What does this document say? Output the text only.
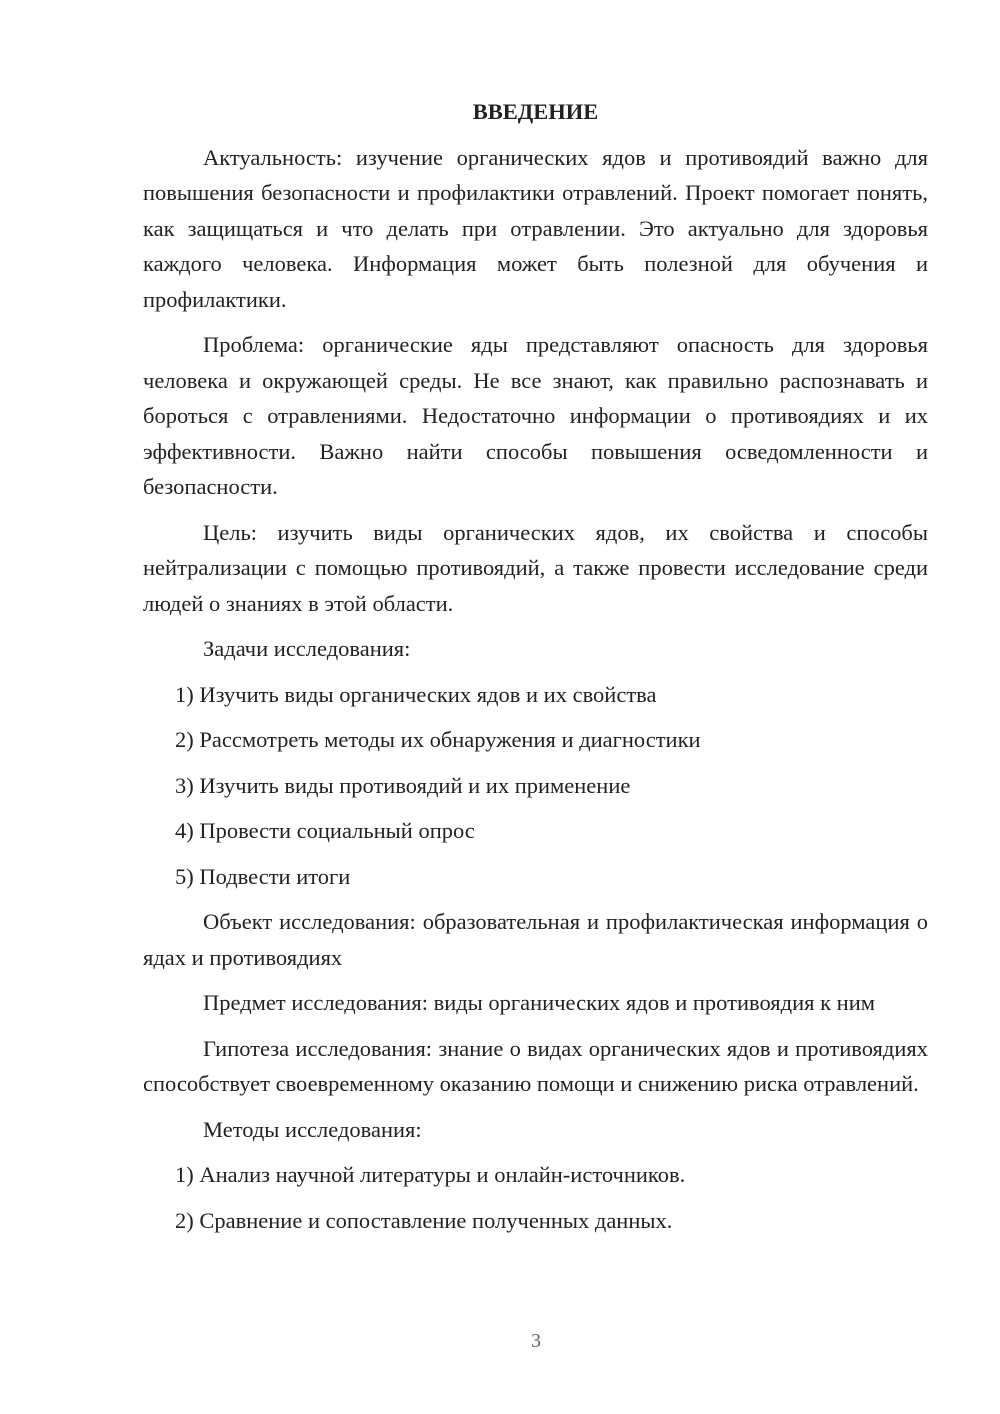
ВВЕДЕНИЕ

Актуальность: изучение органических ядов и противоядий важно для повышения безопасности и профилактики отравлений. Проект помогает понять, как защищаться и что делать при отравлении. Это актуально для здоровья каждого человека. Информация может быть полезной для обучения и профилактики.

Проблема: органические яды представляют опасность для здоровья человека и окружающей среды. Не все знают, как правильно распознавать и бороться с отравлениями. Недостаточно информации о противоядиях и их эффективности. Важно найти способы повышения осведомленности и безопасности.

Цель: изучить виды органических ядов, их свойства и способы нейтрализации с помощью противоядий, а также провести исследование среди людей о знаниях в этой области.

Задачи исследования:

1) Изучить виды органических ядов и их свойства
2) Рассмотреть методы их обнаружения и диагностики
3) Изучить виды противоядий и их применение
4) Провести социальный опрос
5) Подвести итоги

Объект исследования: образовательная и профилактическая информация о ядах и противоядиях

Предмет исследования: виды органических ядов и противоядия к ним

Гипотеза исследования: знание о видах органических ядов и противоядиях способствует своевременному оказанию помощи и снижению риска отравлений.

Методы исследования:

1) Анализ научной литературы и онлайн-источников.
2) Сравнение и сопоставление полученных данных.
3
